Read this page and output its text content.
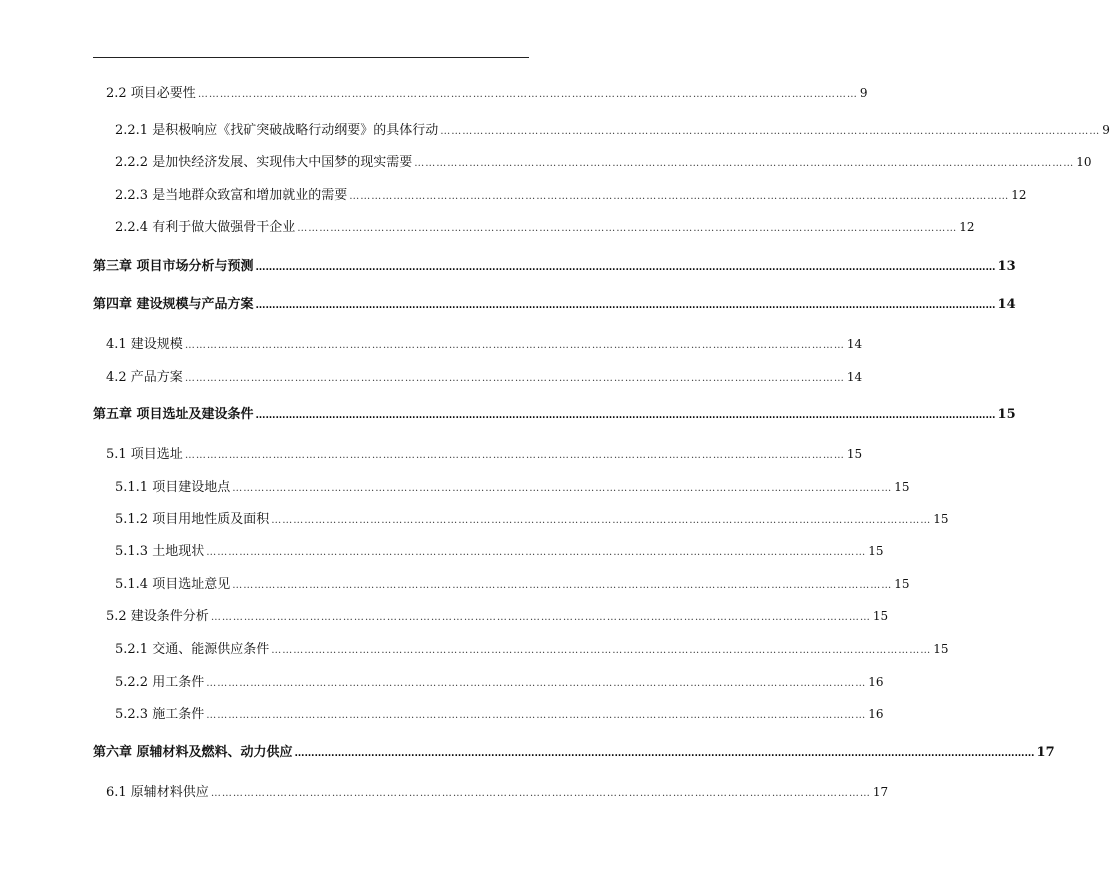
2.2 项目必要性 ……………………………………………………………………………………………………………………………………………………………… 9
2.2.1 是积极响应《找矿突破战略行动纲要》的具体行动 ……………………………………………………………………………………………………………………………………………………………… 9
2.2.2 是加快经济发展、实现伟大中国梦的现实需要 ……………………………………………………………………………………………………………………………………………………………… 10
2.2.3 是当地群众致富和增加就业的需要 ……………………………………………………………………………………………………………………………………………………………… 12
2.2.4 有利于做大做强骨干企业 ……………………………………………………………………………………………………………………………………………………………… 12
第三章 项目市场分析与预测 …………………………………………………………………………………………………………………………………………………………………………………………………… 13
第四章 建设规模与产品方案 …………………………………………………………………………………………………………………………………………………………………………………………………… 14
4.1 建设规模 ……………………………………………………………………………………………………………………………………………………………… 14
4.2 产品方案 ……………………………………………………………………………………………………………………………………………………………… 14
第五章 项目选址及建设条件 …………………………………………………………………………………………………………………………………………………………………………………………………… 15
5.1 项目选址 ……………………………………………………………………………………………………………………………………………………………… 15
5.1.1 项目建设地点 ……………………………………………………………………………………………………………………………………………………………… 15
5.1.2 项目用地性质及面积 ……………………………………………………………………………………………………………………………………………………………… 15
5.1.3 土地现状 ……………………………………………………………………………………………………………………………………………………………… 15
5.1.4 项目选址意见 ……………………………………………………………………………………………………………………………………………………………… 15
5.2 建设条件分析 ……………………………………………………………………………………………………………………………………………………………… 15
5.2.1 交通、能源供应条件 ……………………………………………………………………………………………………………………………………………………………… 15
5.2.2 用工条件 ……………………………………………………………………………………………………………………………………………………………… 16
5.2.3 施工条件 ……………………………………………………………………………………………………………………………………………………………… 16
第六章 原辅材料及燃料、动力供应 …………………………………………………………………………………………………………………………………………………………………………………………………… 17
6.1 原辅材料供应 ……………………………………………………………………………………………………………………………………………………………… 17
